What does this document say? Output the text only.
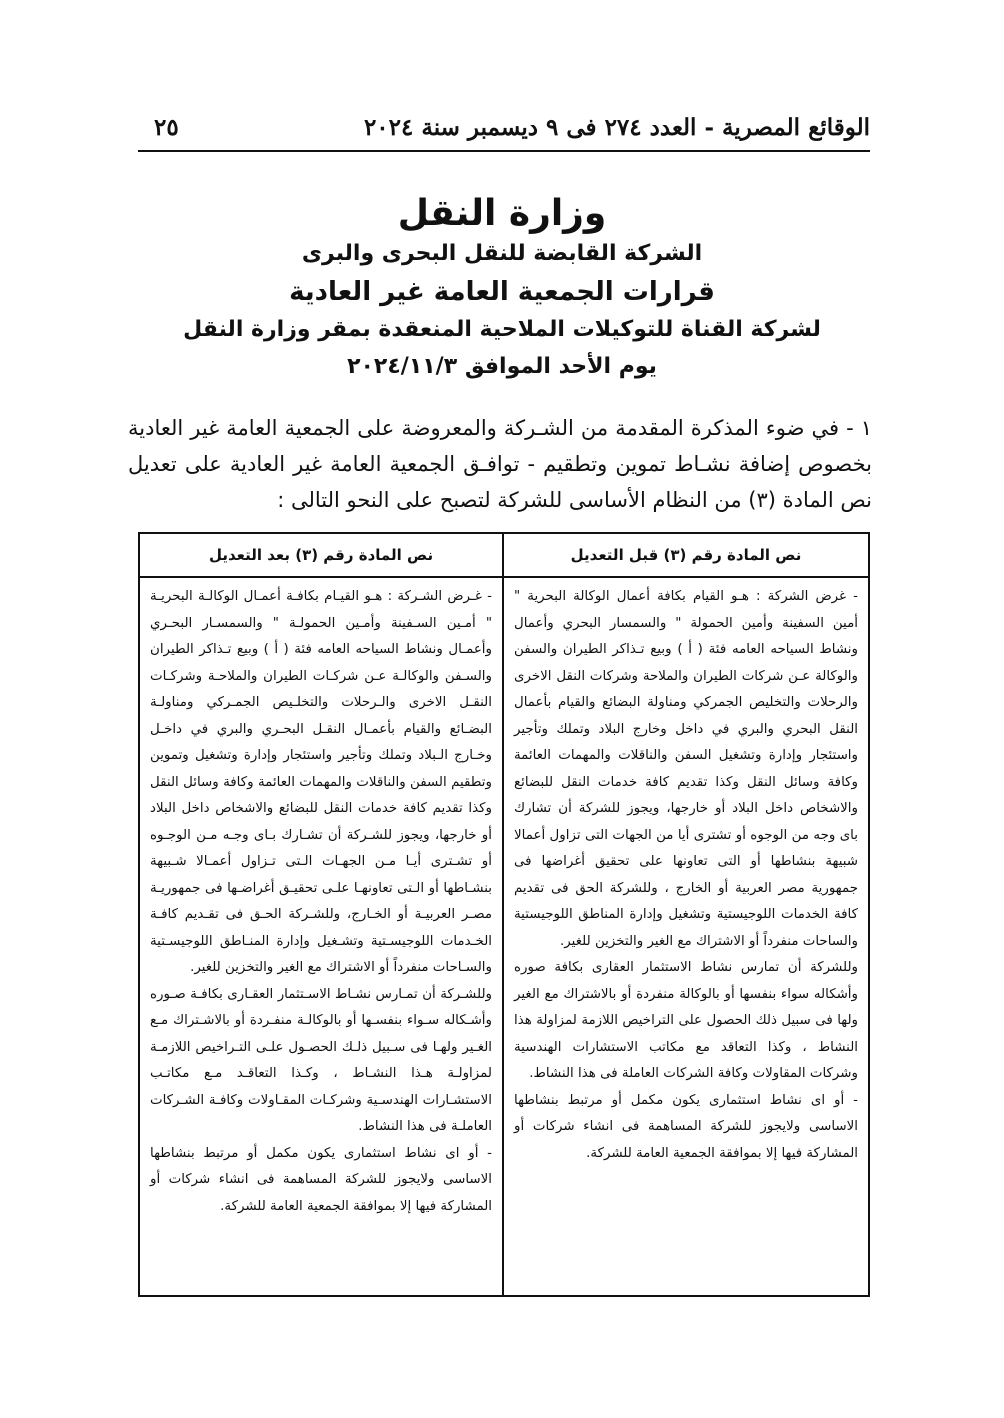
الوقائع المصرية - العدد ٢٧٤ فى ٩ ديسمبر سنة ٢٠٢٤
٢٥
وزارة النقل
الشركة القابضة للنقل البحرى والبرى
قرارات الجمعية العامة غير العادية
لشركة القناة للتوكيلات الملاحية المنعقدة بمقر وزارة النقل
يوم الأحد الموافق ٢٠٢٤/١١/٣
١ - في ضوء المذكرة المقدمة من الشـركة والمعروضة على الجمعية العامة غير العادية بخصوص إضافة نشـاط تموين وتطقيم - توافـق الجمعية العامة غير العادية على تعديل نص المادة (٣) من النظام الأساسى للشركة لتصبح على النحو التالى :
نص المادة رقم (٣) قبل التعديل

- غرض الشركة : هـو القيام بكافة أعمال الوكالة البحرية " أمين السفينة وأمين الحمولة " والسمسار البحري وأعمال ونشاط السياحه العامه فئة ( أ ) وبيع تـذاكر الطيران والسفن والوكالة عـن شركات الطيران والملاحة وشركات النقل الاخرى والرحلات والتخليص الجمركي ومناولة البضائع والقيام بأعمال النقل البحري والبري في داخل وخارج البلاد وتملك وتأجير واستئجار وإدارة وتشغيل السفن والناقلات والمهمات العائمة وكافة وسائل النقل وكذا تقديم كافة خدمات النقل للبضائع والاشخاص داخل البلاد أو خارجها، ويجوز للشركة أن تشارك باى وجه من الوجوه أو تشترى أيا من الجهات التى تزاول أعمالا شبيهة بنشاطها أو التى تعاونها على تحقيق أغراضها فى جمهورية مصر العربية أو الخارج ، وللشركة الحق فى تقديم كافة الخدمات اللوجيستية وتشغيل وإدارة المناطق اللوجيستية والساحات منفرداً أو الاشتراك مع الغير والتخزين للغير.

وللشركة أن تمارس نشاط الاستثمار العقارى بكافة صوره وأشكاله سواء بنفسها أو بالوكالة منفردة أو بالاشتراك مع الغير ولها فى سبيل ذلك الحصول على التراخيص اللازمة لمزاولة هذا النشاط ، وكذا التعاقد مع مكاتب الاستشارات الهندسية وشركات المقاولات وكافة الشركات العاملة فى هذا النشاط.

- أو اى نشاط استثمارى يكون مكمل أو مرتبط بنشاطها الاساسى ولايجوز للشركة المساهمة فى انشاء شركات أو المشاركة فيها إلا بموافقة الجمعية العامة للشركة.

نص المادة رقم (٣) بعد التعديل

- غـرض الشـركة : هـو القيـام بكافـة أعمـال الوكالـة البحريـة " أمـين السـفينة وأمـين الحمولـة " والسمسـار البحـري وأعمـال ونشاط السياحه العامه فئة ( أ ) وبيع تـذاكر الطيران والسـفن والوكالـة عـن شركـات الطيران والملاحـة وشركـات النقـل الاخرى والـرحلات والتخلـيص الجمـركي ومناولـة البضـائع والقيام بأعمـال النقـل البحـري والبري في داخـل وخـارج الـبلاد وتملك وتأجير واستئجار وإدارة وتشغيل وتموين وتطقيم السفن والناقلات والمهمات العائمة وكافة وسائل النقل وكذا تقديم كافة خدمات النقل للبضائع والاشخاص داخل البلاد أو خارجها، ويجوز للشـركة أن تشـارك بـاى وجـه مـن الوجـوه أو تشـترى أيـا مـن الجهـات الـتى تـزاول أعمـالا شـبيهة بنشـاطها أو الـتى تعاونهـا علـى تحقيـق أغراضـها فى جمهوريـة مصـر العربيـة أو الخـارج، وللشـركة الحـق فى تقـديم كافـة الخـدمات اللوجيسـتية وتشـغيل وإدارة المنـاطق اللوجيسـتية والسـاحات منفرداً أو الاشتراك مع الغير والتخزين للغير.

وللشـركة أن تمـارس نشـاط الاسـتثمار العقـارى بكافـة صـوره وأشـكاله سـواء بنفسـها أو بالوكالـة منفـردة أو بالاشـتراك مـع الغـير ولهـا فى سـبيل ذلـك الحصـول علـى التـراخيص اللازمـة لمزاولـة هـذا النشـاط ، وكـذا التعاقـد مـع مكاتـب الاستشـارات الهندسـية وشركـات المقـاولات وكافـة الشـركات العاملـة فى هذا النشاط.

- أو اى نشاط استثمارى يكون مكمل أو مرتبط بنشاطها الاساسى ولايجوز للشركة المساهمة فى انشاء شركات أو المشاركة فيها إلا بموافقة الجمعية العامة للشركة.
